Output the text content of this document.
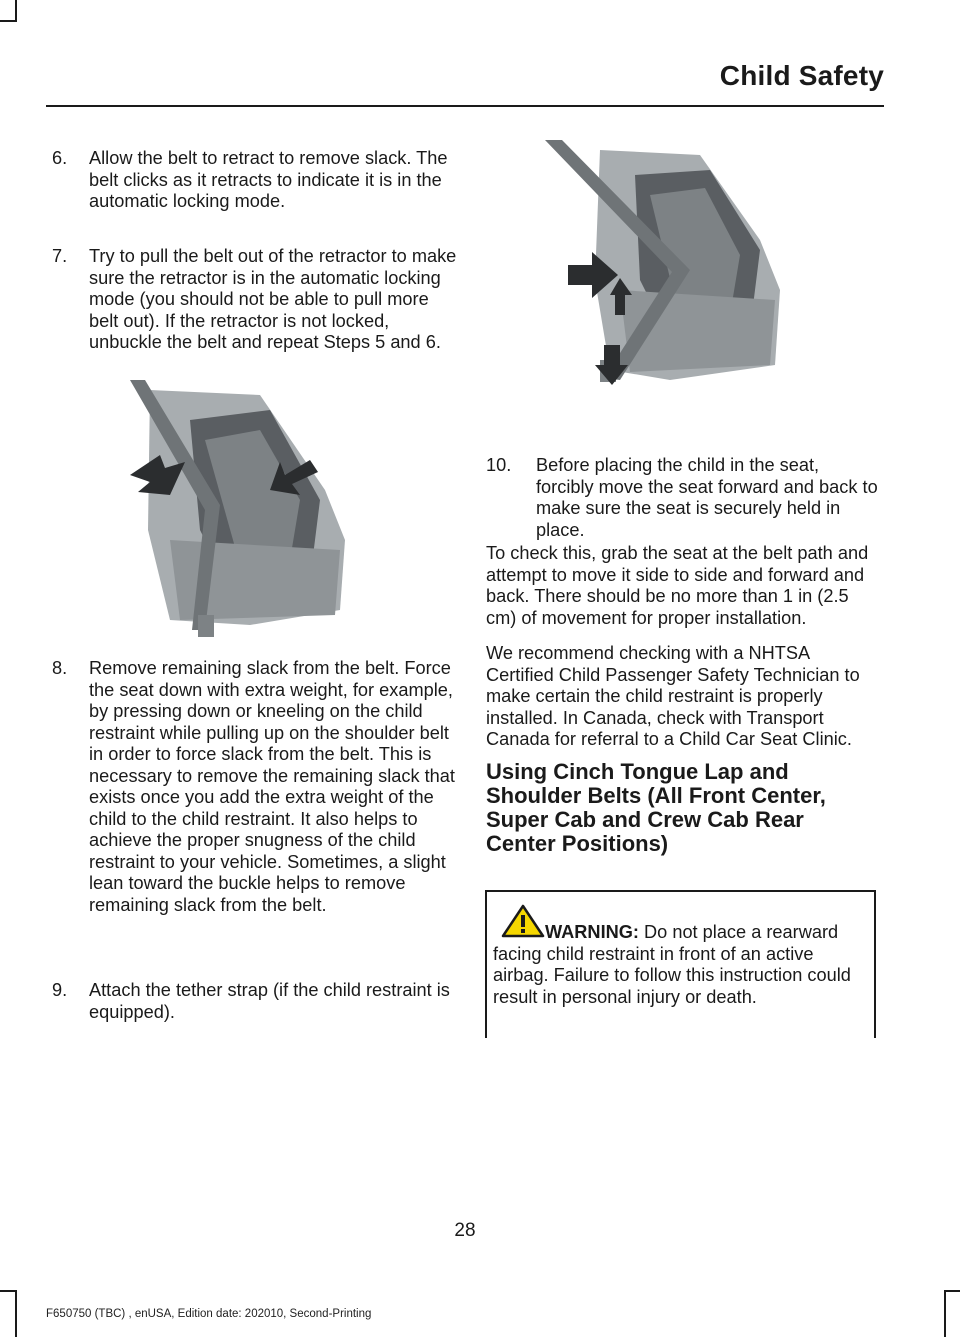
Child Safety
6. Allow the belt to retract to remove slack. The belt clicks as it retracts to indicate it is in the automatic locking mode.
7. Try to pull the belt out of the retractor to make sure the retractor is in the automatic locking mode (you should not be able to pull more belt out). If the retractor is not locked, unbuckle the belt and repeat Steps 5 and 6.
8. Remove remaining slack from the belt. Force the seat down with extra weight, for example, by pressing down or kneeling on the child restraint while pulling up on the shoulder belt in order to force slack from the belt. This is necessary to remove the remaining slack that exists once you add the extra weight of the child to the child restraint. It also helps to achieve the proper snugness of the child restraint to your vehicle. Sometimes, a slight lean toward the buckle helps to remove remaining slack from the belt.
9. Attach the tether strap (if the child restraint is equipped).
10. Before placing the child in the seat, forcibly move the seat forward and back to make sure the seat is securely held in place.

To check this, grab the seat at the belt path and attempt to move it side to side and forward and back. There should be no more than 1 in (2.5 cm) of movement for proper installation.

We recommend checking with a NHTSA Certified Child Passenger Safety Technician to make certain the child restraint is properly installed. In Canada, check with Transport Canada for referral to a Child Car Seat Clinic.

Using Cinch Tongue Lap and Shoulder Belts (All Front Center, Super Cab and Crew Cab Rear Center Positions)
WARNING: Do not place a rearward facing child restraint in front of an active airbag. Failure to follow this instruction could result in personal injury or death.
28
F650750 (TBC) , enUSA, Edition date: 202010, Second-Printing
